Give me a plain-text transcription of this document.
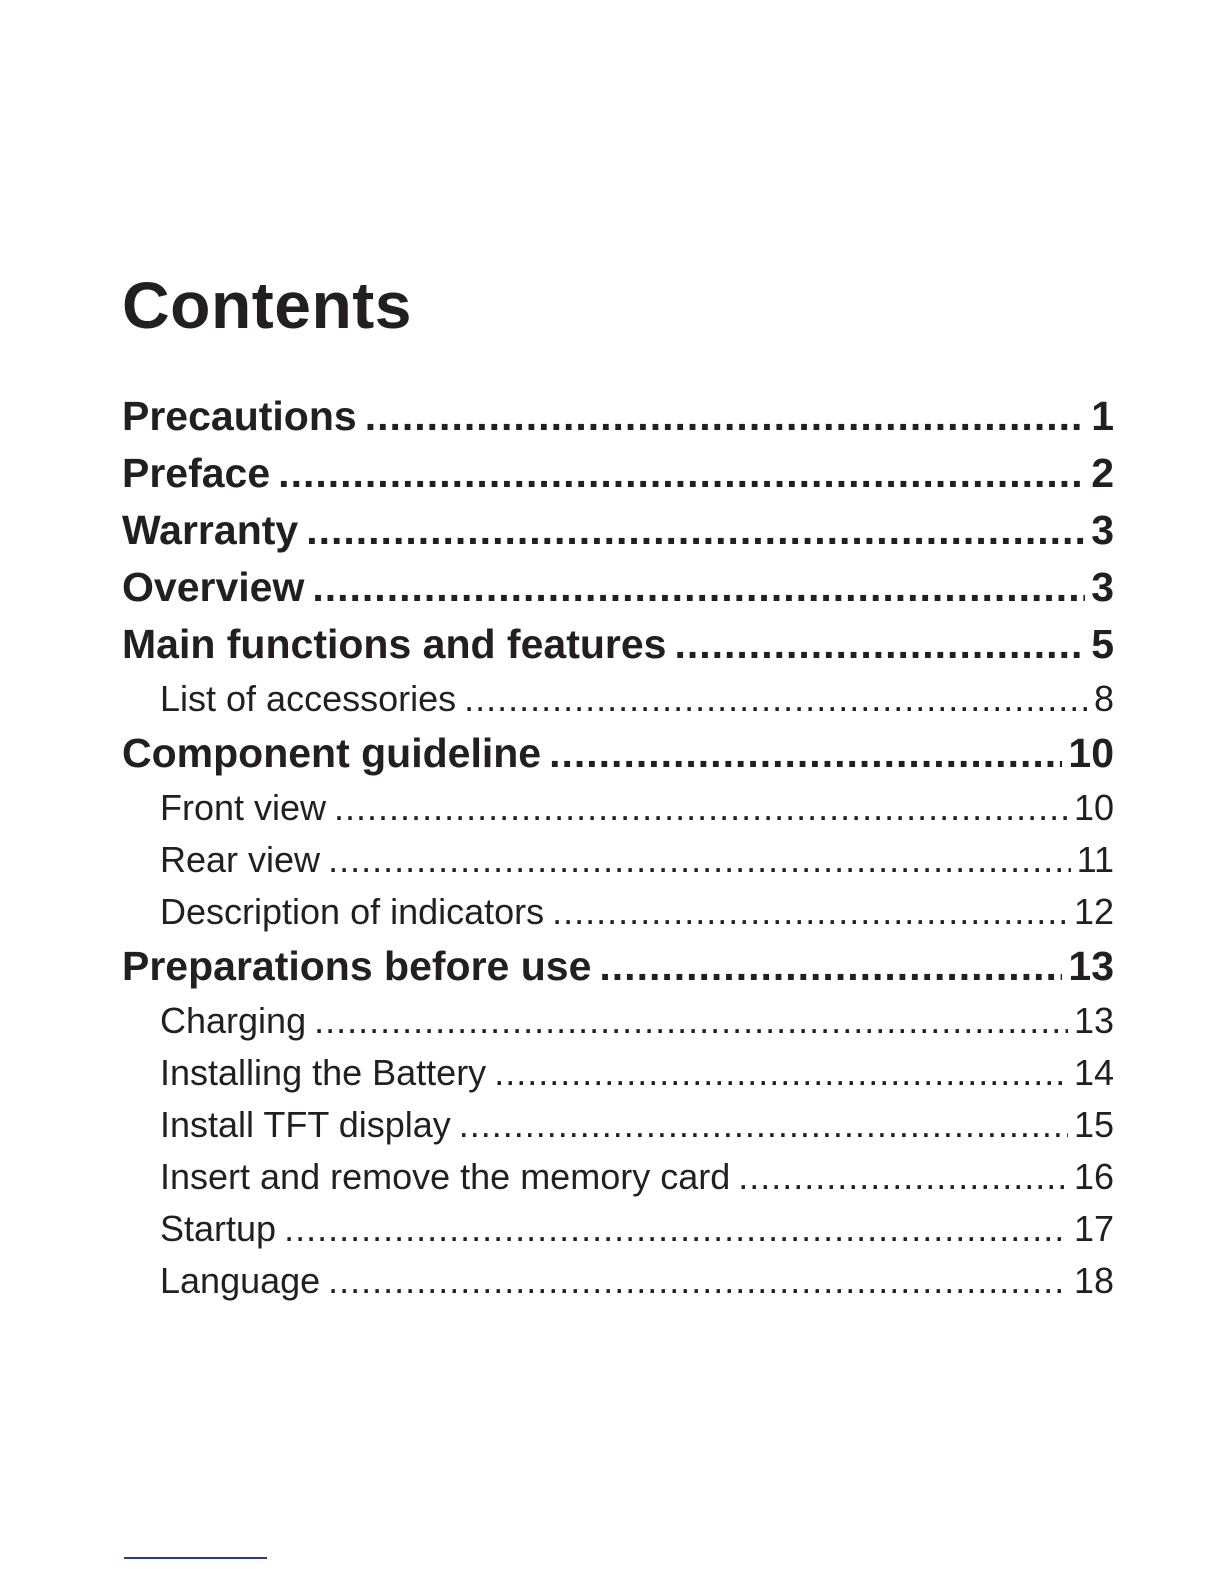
Contents
Precautions .....	1
Preface .....	2
Warranty .....	3
Overview .....	3
Main functions and features .....	5
List of accessories .....	8
Component guideline .....	10
Front view .....	10
Rear view .....	11
Description of indicators .....	12
Preparations before use .....	13
Charging .....	13
Installing the Battery .....	14
Install TFT display .....	15
Insert and remove the memory card .....	16
Startup .....	17
Language .....	18
